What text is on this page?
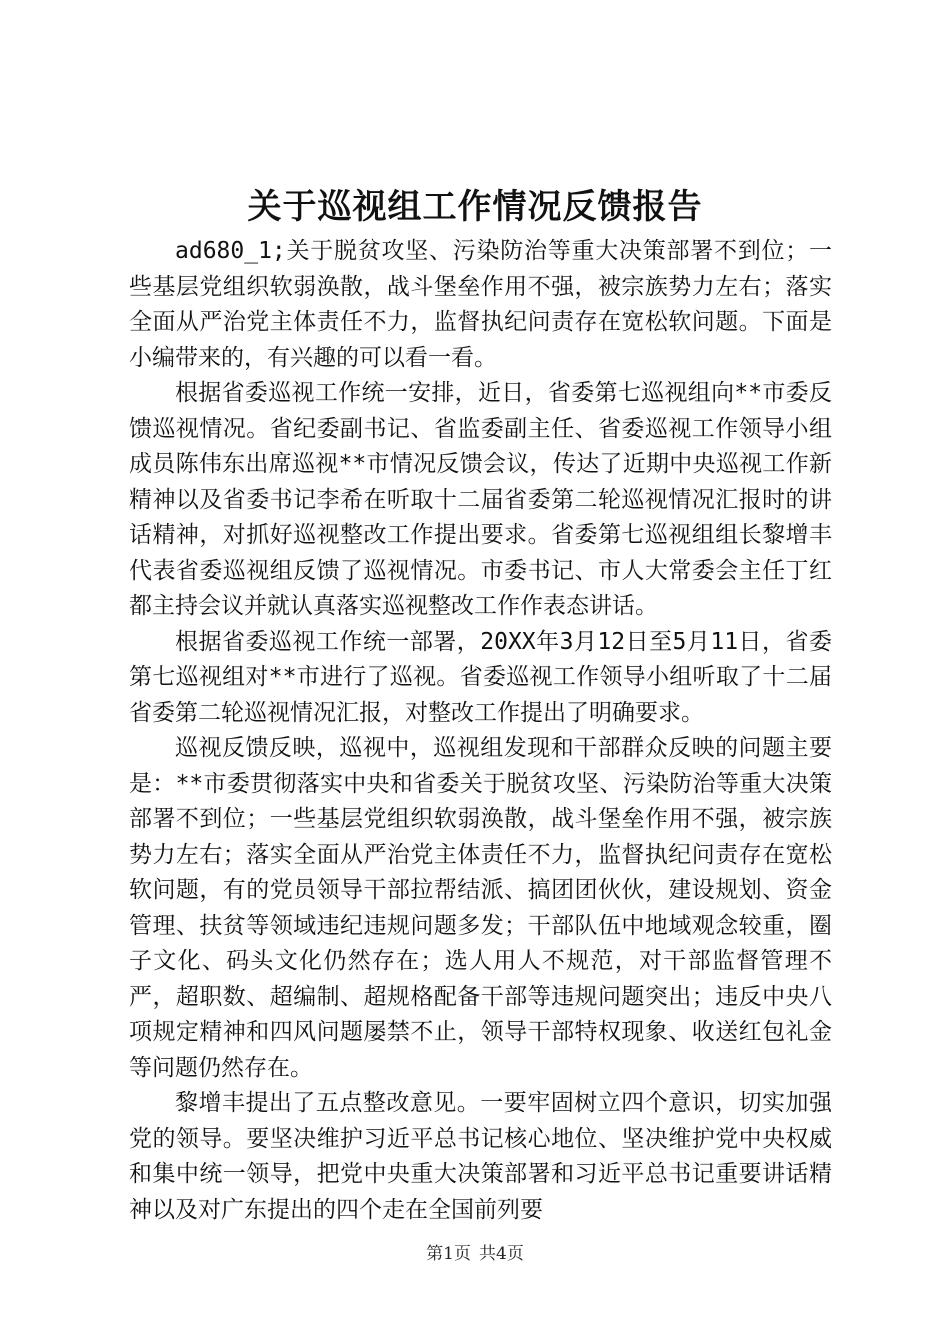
关于巡视组工作情况反馈报告

ad680_1;关于脱贫攻坚、污染防治等重大决策部署不到位；一些基层党组织软弱涣散，战斗堡垒作用不强，被宗族势力左右；落实全面从严治党主体责任不力，监督执纪问责存在宽松软问题。下面是小编带来的，有兴趣的可以看一看。

根据省委巡视工作统一安排，近日，省委第七巡视组向**市委反馈巡视情况。省纪委副书记、省监委副主任、省委巡视工作领导小组成员陈伟东出席巡视**市情况反馈会议，传达了近期中央巡视工作新精神以及省委书记李希在听取十二届省委第二轮巡视情况汇报时的讲话精神，对抓好巡视整改工作提出要求。省委第七巡视组组长黎增丰代表省委巡视组反馈了巡视情况。市委书记、市人大常委会主任丁红都主持会议并就认真落实巡视整改工作作表态讲话。

根据省委巡视工作统一部署，20XX年3月12日至5月11日，省委第七巡视组对**市进行了巡视。省委巡视工作领导小组听取了十二届省委第二轮巡视情况汇报，对整改工作提出了明确要求。

巡视反馈反映，巡视中，巡视组发现和干部群众反映的问题主要是：**市委贯彻落实中央和省委关于脱贫攻坚、污染防治等重大决策部署不到位；一些基层党组织软弱涣散，战斗堡垒作用不强，被宗族势力左右；落实全面从严治党主体责任不力，监督执纪问责存在宽松软问题，有的党员领导干部拉帮结派、搞团团伙伙，建设规划、资金管理、扶贫等领域违纪违规问题多发；干部队伍中地域观念较重，圈子文化、码头文化仍然存在；选人用人不规范，对干部监督管理不严，超职数、超编制、超规格配备干部等违规问题突出；违反中央八项规定精神和四风问题屡禁不止，领导干部特权现象、收送红包礼金等问题仍然存在。

黎增丰提出了五点整改意见。一要牢固树立四个意识，切实加强党的领导。要坚决维护习近平总书记核心地位、坚决维护党中央权威和集中统一领导，把党中央重大决策部署和习近平总书记重要讲话精神以及对广东提出的四个走在全国前列要

第1页 共4页
